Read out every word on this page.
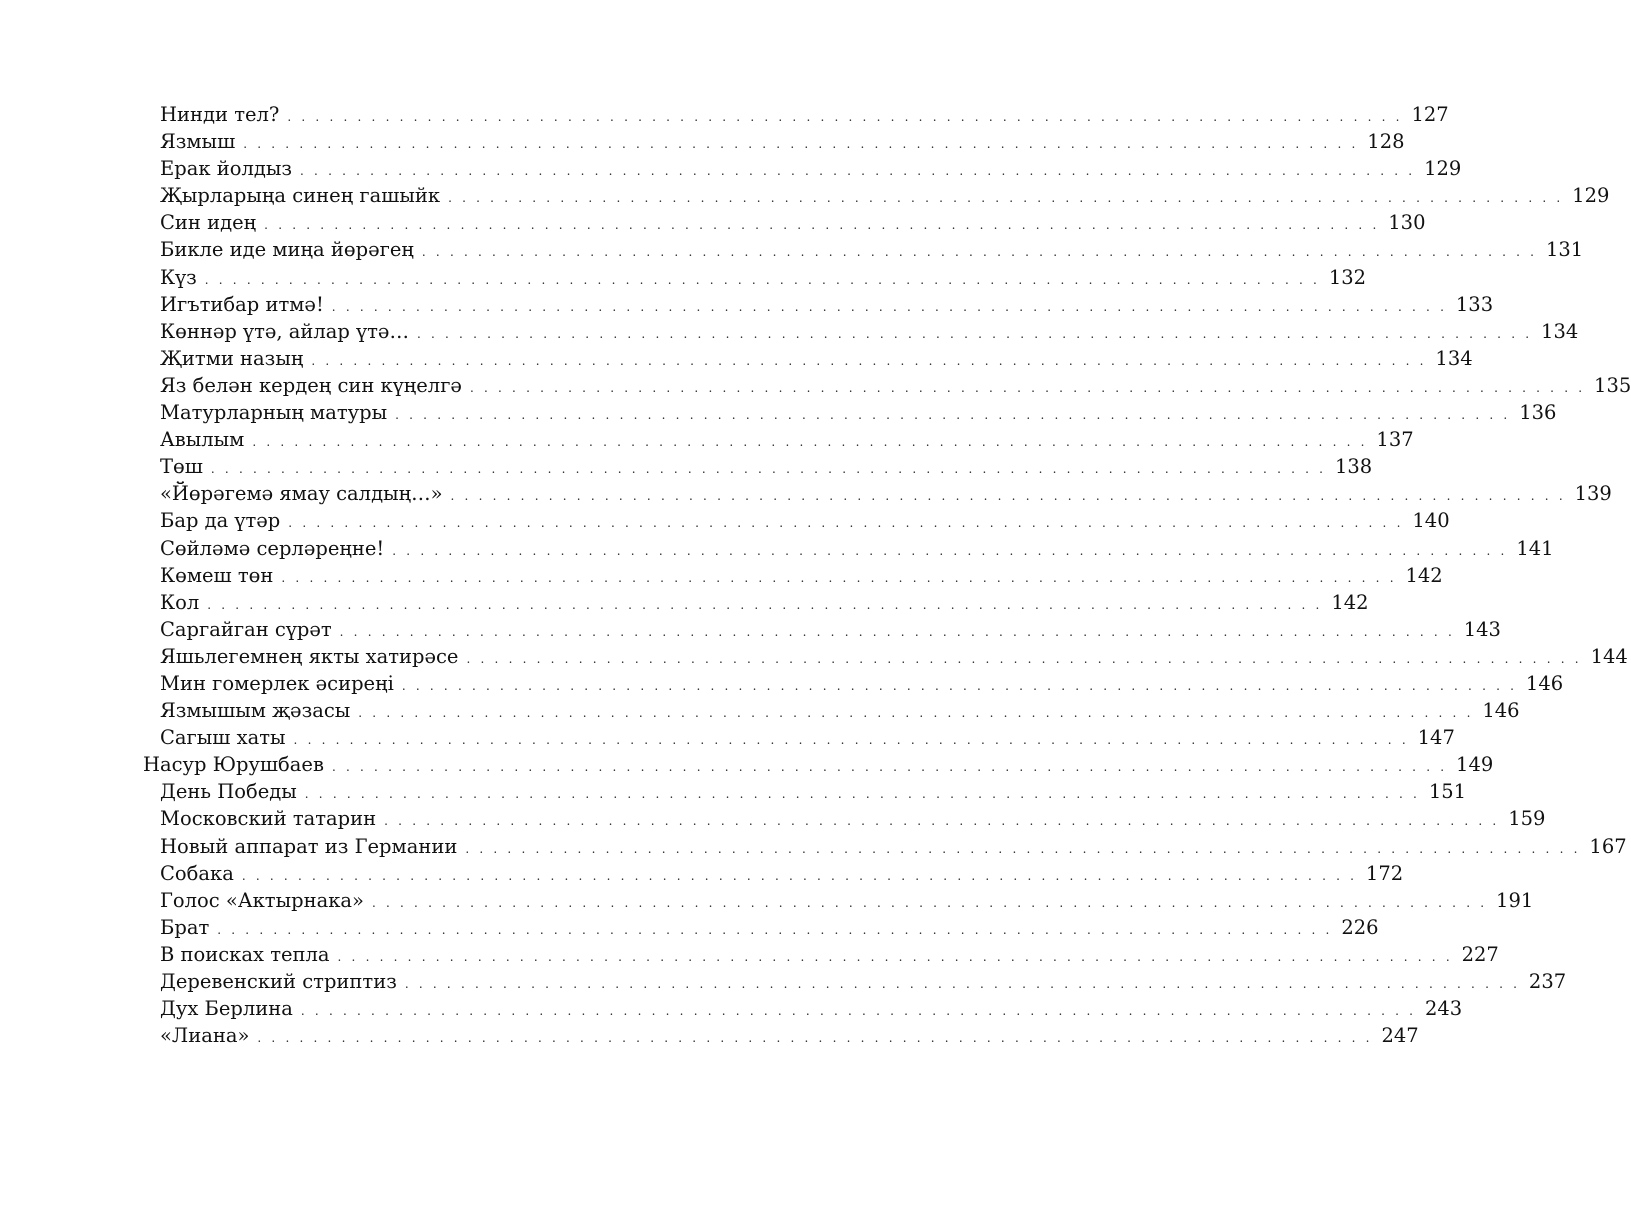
Нинди тел? . . . . . . . . . . . . . . . . . . . . . . . . . . . . . . . . . . . . . . . . . . . . . . . . . . . . . . . . . . . . . . . . . . . . . . . . . . . . . . . . 127
Язмыш . . . . . . . . . . . . . . . . . . . . . . . . . . . . . . . . . . . . . . . . . . . . . . . . . . . . . . . . . . . . . . . . . . . . . . . . . . . . . . . . 128
Ерак йолдыз . . . . . . . . . . . . . . . . . . . . . . . . . . . . . . . . . . . . . . . . . . . . . . . . . . . . . . . . . . . . . . . . . . . . . . . . . . . . . . . . 129
Җырларыңа синең гашыйк . . . . . . . . . . . . . . . . . . . . . . . . . . . . . . . . . . . . . . . . . . . . . . . . . . . . . . . . . . . . . . . . . . . . . . . . . . . . . . . . 129
Син идең . . . . . . . . . . . . . . . . . . . . . . . . . . . . . . . . . . . . . . . . . . . . . . . . . . . . . . . . . . . . . . . . . . . . . . . . . . . . . . . . 130
Бикле иде миңа йөрәгең . . . . . . . . . . . . . . . . . . . . . . . . . . . . . . . . . . . . . . . . . . . . . . . . . . . . . . . . . . . . . . . . . . . . . . . . . . . . . . . . 131
Күз . . . . . . . . . . . . . . . . . . . . . . . . . . . . . . . . . . . . . . . . . . . . . . . . . . . . . . . . . . . . . . . . . . . . . . . . . . . . . . . . 132
Игътибар итмә! . . . . . . . . . . . . . . . . . . . . . . . . . . . . . . . . . . . . . . . . . . . . . . . . . . . . . . . . . . . . . . . . . . . . . . . . . . . . . . . . 133
Көннәр үтә, айлар үтә… . . . . . . . . . . . . . . . . . . . . . . . . . . . . . . . . . . . . . . . . . . . . . . . . . . . . . . . . . . . . . . . . . . . . . . . . . . . . . . . . 134
Җитми назың . . . . . . . . . . . . . . . . . . . . . . . . . . . . . . . . . . . . . . . . . . . . . . . . . . . . . . . . . . . . . . . . . . . . . . . . . . . . . . . . 134
Яз белән кердең син күңелгә . . . . . . . . . . . . . . . . . . . . . . . . . . . . . . . . . . . . . . . . . . . . . . . . . . . . . . . . . . . . . . . . . . . . . . . . . . . . . . . . 135
Матурларның матуры . . . . . . . . . . . . . . . . . . . . . . . . . . . . . . . . . . . . . . . . . . . . . . . . . . . . . . . . . . . . . . . . . . . . . . . . . . . . . . . . 136
Авылым . . . . . . . . . . . . . . . . . . . . . . . . . . . . . . . . . . . . . . . . . . . . . . . . . . . . . . . . . . . . . . . . . . . . . . . . . . . . . . . . 137
Төш . . . . . . . . . . . . . . . . . . . . . . . . . . . . . . . . . . . . . . . . . . . . . . . . . . . . . . . . . . . . . . . . . . . . . . . . . . . . . . . . 138
«Йөрәгемә ямау салдың…» . . . . . . . . . . . . . . . . . . . . . . . . . . . . . . . . . . . . . . . . . . . . . . . . . . . . . . . . . . . . . . . . . . . . . . . . . . . . . . . . 139
Бар да үтәр . . . . . . . . . . . . . . . . . . . . . . . . . . . . . . . . . . . . . . . . . . . . . . . . . . . . . . . . . . . . . . . . . . . . . . . . . . . . . . . . 140
Сөйләмә серләреңне! . . . . . . . . . . . . . . . . . . . . . . . . . . . . . . . . . . . . . . . . . . . . . . . . . . . . . . . . . . . . . . . . . . . . . . . . . . . . . . . . 141
Көмеш төн . . . . . . . . . . . . . . . . . . . . . . . . . . . . . . . . . . . . . . . . . . . . . . . . . . . . . . . . . . . . . . . . . . . . . . . . . . . . . . . . 142
Кол . . . . . . . . . . . . . . . . . . . . . . . . . . . . . . . . . . . . . . . . . . . . . . . . . . . . . . . . . . . . . . . . . . . . . . . . . . . . . . . . 142
Саргайган сүрәт . . . . . . . . . . . . . . . . . . . . . . . . . . . . . . . . . . . . . . . . . . . . . . . . . . . . . . . . . . . . . . . . . . . . . . . . . . . . . . . . 143
Яшьлегемнең якты хатирәсе . . . . . . . . . . . . . . . . . . . . . . . . . . . . . . . . . . . . . . . . . . . . . . . . . . . . . . . . . . . . . . . . . . . . . . . . . . . . . . . . 144
Мин гомерлек әсиреңi . . . . . . . . . . . . . . . . . . . . . . . . . . . . . . . . . . . . . . . . . . . . . . . . . . . . . . . . . . . . . . . . . . . . . . . . . . . . . . . . 146
Язмышым җәзасы . . . . . . . . . . . . . . . . . . . . . . . . . . . . . . . . . . . . . . . . . . . . . . . . . . . . . . . . . . . . . . . . . . . . . . . . . . . . . . . . 146
Сагыш хаты . . . . . . . . . . . . . . . . . . . . . . . . . . . . . . . . . . . . . . . . . . . . . . . . . . . . . . . . . . . . . . . . . . . . . . . . . . . . . . . . 147
Насур Юрушбаев . . . . . . . . . . . . . . . . . . . . . . . . . . . . . . . . . . . . . . . . . . . . . . . . . . . . . . . . . . . . . . . . . . . . . . . . . . . . . . . . 149
День Победы . . . . . . . . . . . . . . . . . . . . . . . . . . . . . . . . . . . . . . . . . . . . . . . . . . . . . . . . . . . . . . . . . . . . . . . . . . . . . . . . 151
Московский татарин . . . . . . . . . . . . . . . . . . . . . . . . . . . . . . . . . . . . . . . . . . . . . . . . . . . . . . . . . . . . . . . . . . . . . . . . . . . . . . . . 159
Новый аппарат из Германии . . . . . . . . . . . . . . . . . . . . . . . . . . . . . . . . . . . . . . . . . . . . . . . . . . . . . . . . . . . . . . . . . . . . . . . . . . . . . . . . 167
Собака . . . . . . . . . . . . . . . . . . . . . . . . . . . . . . . . . . . . . . . . . . . . . . . . . . . . . . . . . . . . . . . . . . . . . . . . . . . . . . . . 172
Голос «Актырнака» . . . . . . . . . . . . . . . . . . . . . . . . . . . . . . . . . . . . . . . . . . . . . . . . . . . . . . . . . . . . . . . . . . . . . . . . . . . . . . . . 191
Брат . . . . . . . . . . . . . . . . . . . . . . . . . . . . . . . . . . . . . . . . . . . . . . . . . . . . . . . . . . . . . . . . . . . . . . . . . . . . . . . . 226
В поисках тепла . . . . . . . . . . . . . . . . . . . . . . . . . . . . . . . . . . . . . . . . . . . . . . . . . . . . . . . . . . . . . . . . . . . . . . . . . . . . . . . . 227
Деревенский стриптиз . . . . . . . . . . . . . . . . . . . . . . . . . . . . . . . . . . . . . . . . . . . . . . . . . . . . . . . . . . . . . . . . . . . . . . . . . . . . . . . . 237
Дух Берлина . . . . . . . . . . . . . . . . . . . . . . . . . . . . . . . . . . . . . . . . . . . . . . . . . . . . . . . . . . . . . . . . . . . . . . . . . . . . . . . . 243
«Лиана» . . . . . . . . . . . . . . . . . . . . . . . . . . . . . . . . . . . . . . . . . . . . . . . . . . . . . . . . . . . . . . . . . . . . . . . . . . . . . . . . 247
